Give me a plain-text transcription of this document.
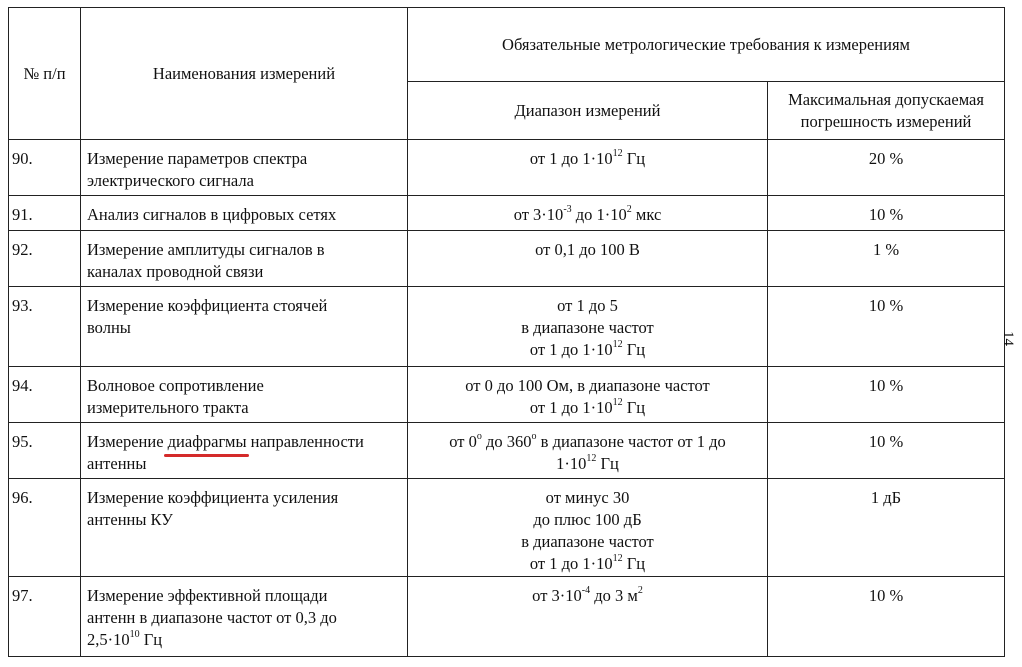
№ п/п	Наименования измерений	Обязательные метрологические требования к измерениям	
		Диапазон измерений	Максимальная допускаемая
погрешность измерений

90.	Измерение параметров спектра
электрического сигнала	от 1 до $1\cdot 10^{12}$ Гц	20 %
91.	Анализ сигналов в цифровых сетях	от $3\cdot 10^{-3}$ до $1\cdot 10^2$ мкс	10 %
92.	Измерение амплитуды сигналов в
каналах проводной связи	от 0,1 до 100 В	1 %
93.	Измерение коэффициента стоячей
волны	от 1 до 5
в диапазоне частот
от 1 до $1\cdot 10^{12}$ Гц	10 %
94.	Волновое сопротивление
измерительного тракта	от 0 до 100 Ом, в диапазоне частот
от 1 до $1\cdot 10^{12}$ Гц	10 %
95.	Измерение диафрагмы направленности
антенны	от $0^о$ до $360^о$ в диапазоне частот от 1 до
$1\cdot 10^{12}$ Гц	10 %
96.	Измерение коэффициента усиления
антенны КУ	от минус 30
до плюс 100 дБ
в диапазоне частот
от 1 до $1\cdot 10^{12}$ Гц	1 дБ
97.	Измерение эффективной площади
антенн в диапазоне частот от 0,3 до
$2,5\cdot 10^{10}$ Гц	от $3\cdot 10^{-4}$ до 3 $м^2$	10 %
14
